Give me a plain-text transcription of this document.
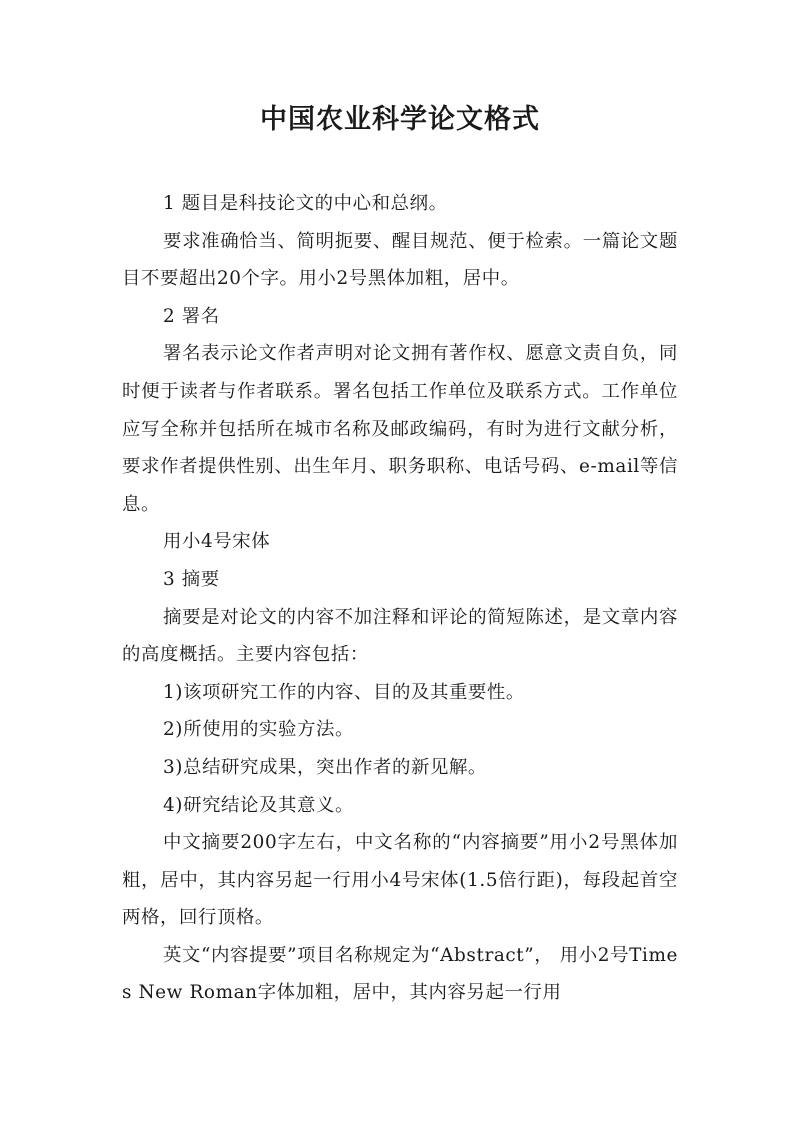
中国农业科学论文格式

1 题目是科技论文的中心和总纲。

要求准确恰当、简明扼要、醒目规范、便于检索。一篇论文题目不要超出20个字。用小2号黑体加粗，居中。

2 署名

署名表示论文作者声明对论文拥有著作权、愿意文责自负，同时便于读者与作者联系。署名包括工作单位及联系方式。工作单位应写全称并包括所在城市名称及邮政编码，有时为进行文献分析，要求作者提供性别、出生年月、职务职称、电话号码、e-mail等信息。

用小4号宋体

3 摘要

摘要是对论文的内容不加注释和评论的简短陈述，是文章内容的高度概括。主要内容包括：

1)该项研究工作的内容、目的及其重要性。

2)所使用的实验方法。

3)总结研究成果，突出作者的新见解。

4)研究结论及其意义。

中文摘要200字左右，中文名称的“内容摘要”用小2号黑体加粗，居中，其内容另起一行用小4号宋体(1.5倍行距)，每段起首空两格，回行顶格。

英文“内容提要”项目名称规定为“Abstract”， 用小2号Times New Roman字体加粗，居中，其内容另起一行用
